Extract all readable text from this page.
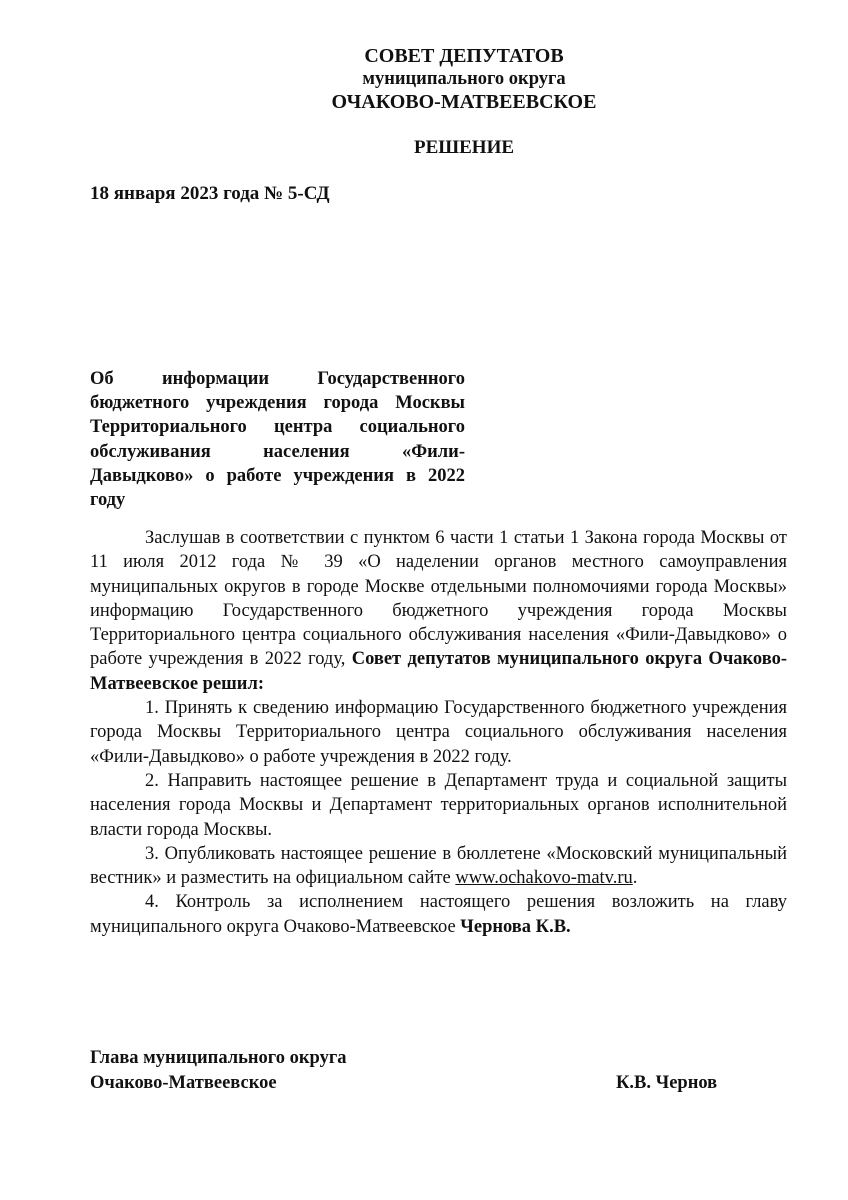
СОВЕТ ДЕПУТАТОВ
муниципального округа
ОЧАКОВО-МАТВЕЕВСКОЕ
РЕШЕНИЕ
18 января 2023 года № 5-СД
Об информации Государственного бюджетного учреждения города Москвы Территориального центра социального обслуживания населения «Фили-Давыдково» о работе учреждения в 2022 году

Заслушав в соответствии с пунктом 6 части 1 статьи 1 Закона города Москвы от 11 июля 2012 года № 39 «О наделении органов местного самоуправления муниципальных округов в городе Москве отдельными полномочиями города Москвы» информацию Государственного бюджетного учреждения города Москвы Территориального центра социального обслуживания населения «Фили-Давыдково» о работе учреждения в 2022 году, Совет депутатов муниципального округа Очаково-Матвеевское решил:

1. Принять к сведению информацию Государственного бюджетного учреждения города Москвы Территориального центра социального обслуживания населения «Фили-Давыдково» о работе учреждения в 2022 году.

2. Направить настоящее решение в Департамент труда и социальной защиты населения города Москвы и Департамент территориальных органов исполнительной власти города Москвы.

3. Опубликовать настоящее решение в бюллетене «Московский муниципальный вестник» и разместить на официальном сайте www.ochakovo-matv.ru.

4. Контроль за исполнением настоящего решения возложить на главу муниципального округа Очаково-Матвеевское Чернова К.В.

Глава муниципального округа
Очаково-Матвеевское	К.В. Чернов
